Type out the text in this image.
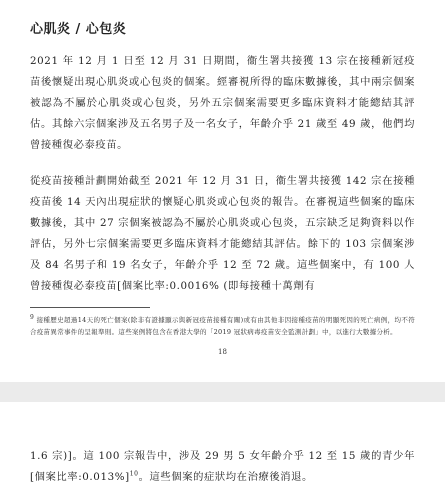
心肌炎 / 心包炎

2021 年 12 月 1 日至 12 月 31 日期間，衞生署共接獲 13 宗在接種新冠疫苗後懷疑出現心肌炎或心包炎的個案。經審視所得的臨床數據後，其中兩宗個案被認為不屬於心肌炎或心包炎，另外五宗個案需要更多臨床資料才能總結其評估。其餘六宗個案涉及五名男子及一名女子，年齡介乎 21 歲至 49 歲，他們均曾接種復必泰疫苗。

從疫苗接種計劃開始截至 2021 年 12 月 31 日，衞生署共接獲 142 宗在接種疫苗後 14 天內出現症狀的懷疑心肌炎或心包炎的報告。在審視這些個案的臨床數據後，其中 27 宗個案被認為不屬於心肌炎或心包炎，五宗缺乏足夠資料以作評估，另外七宗個案需要更多臨床資料才能總結其評估。餘下的 103 宗個案涉及 84 名男子和 19 名女子，年齡介乎 12 至 72 歲。這些個案中，有 100 人曾接種復必泰疫苗[個案比率:0.0016% (即每接種十萬劑有

$^9$ 接種歷史超過14天的死亡個案(除非有證據顯示與新冠疫苗接種有關)或有由其他非因接種疫苗的明顯死因的死亡病例，均不符合疫苗異常事件的呈報準則。這些案例將包含在香港大學的「2019 冠狀病毒疫苗安全監測計劃」中，以進行大數據分析。
18

1.6 宗)]。這 100 宗報告中，涉及 29 男 5 女年齡介乎 12 至 15 歲的青少年[個案比率:0.013%]$^{10}$。這些個案的症狀均在治療後消退。
